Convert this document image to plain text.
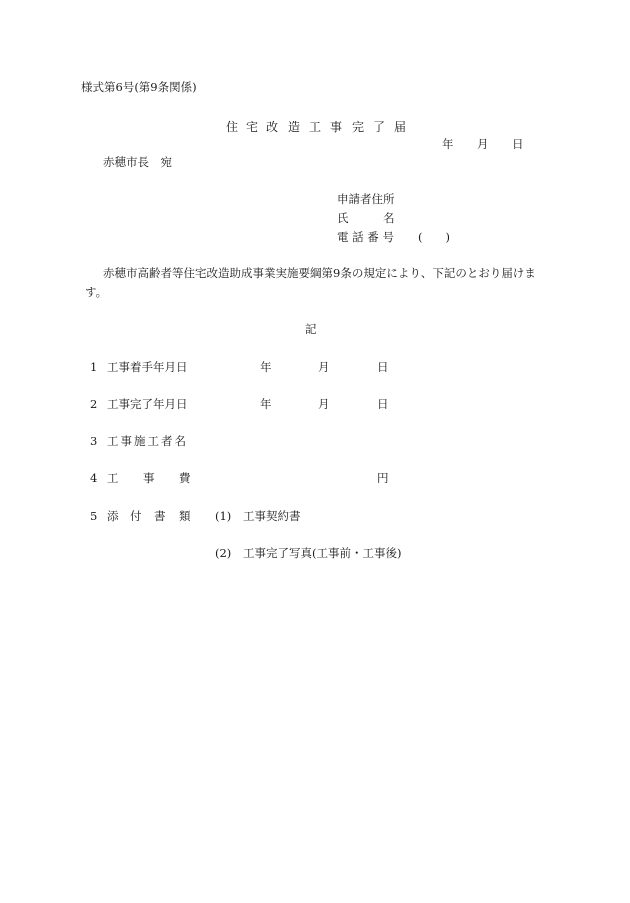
様式第6号(第9条関係)
住 宅 改 造 工 事 完 了 届
年 月 日
赤穂市長　宛
申請者住所
氏	名
電 話 番 号 (　　)
赤穂市高齢者等住宅改造助成事業実施要綱第9条の規定により、下記のとおり届けま
す。
記
1 工事着手年月日	年	月	日
2 工事完了年月日	年	月	日
3 工事施工者名
4 工 事 費	円
5 添 付 書 類 (1) 工事契約書
(2) 工事完了写真(工事前・工事後)
